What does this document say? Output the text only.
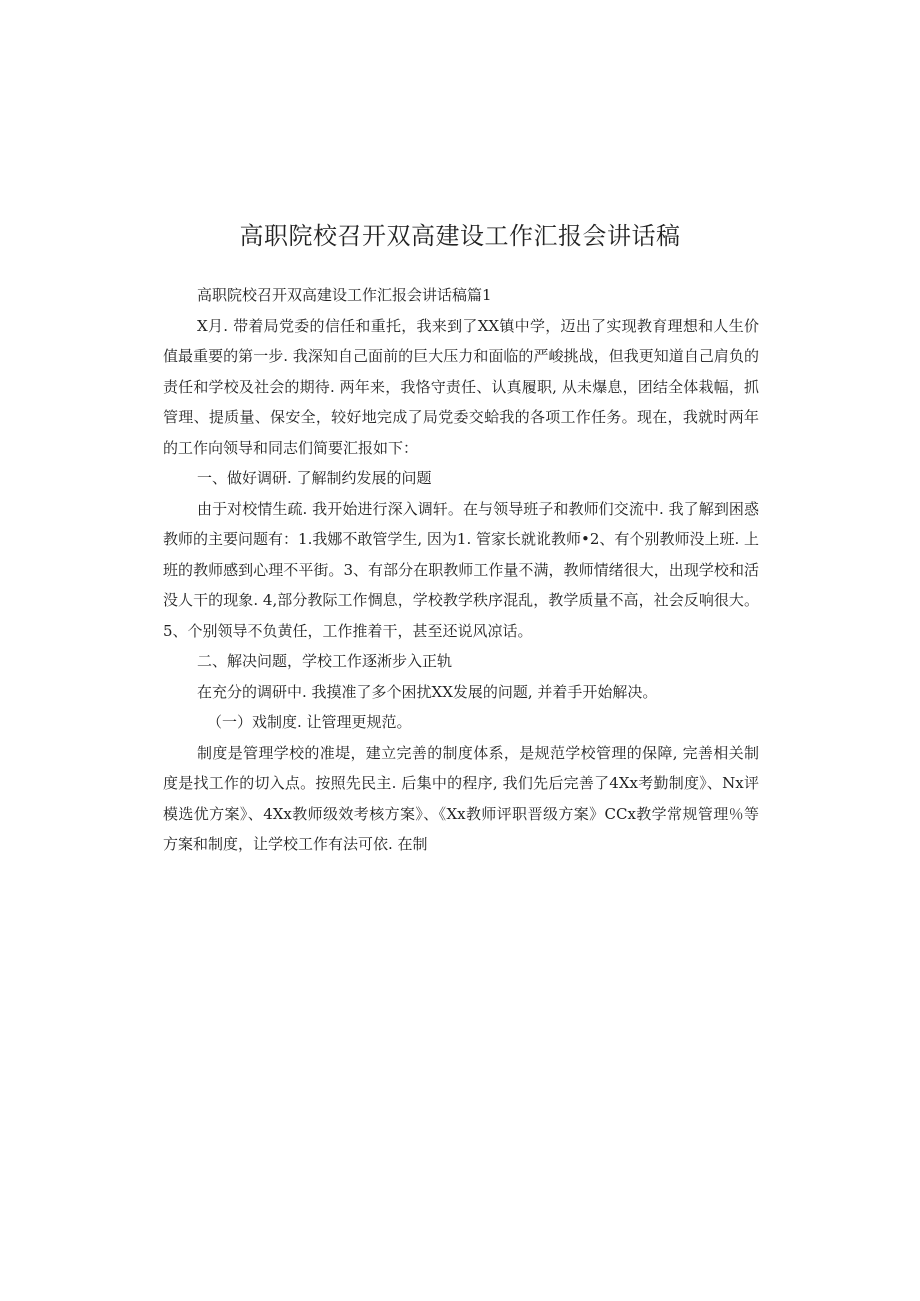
高职院校召开双高建设工作汇报会讲话稿

高职院校召开双高建设工作汇报会讲话稿篇1

X月. 带着局党委的信任和重托，我来到了XX镇中学，迈出了实现教育理想和人生价值最重要的第一步. 我深知自己面前的巨大压力和面临的严峻挑战，但我更知道自己肩负的责任和学校及社会的期待. 两年来，我恪守责任、认真履职, 从未爆息，团结全体栽幅，抓管理、提质量、保安全，较好地完成了局党委交蛤我的各项工作任务。现在，我就时两年的工作向领导和同志们简要汇报如下：

一、做好调研. 了解制约发展的问题

由于对校情生疏. 我开始进行深入调轩。在与领导班子和教师们交流中. 我了解到困惑教师的主要问题有：1.我娜不敢管学生, 因为1. 管家长就讹教师•2、有个别教师没上班. 上班的教师感到心理不平街。3、有部分在职教师工作量不满，教师情绪很大，出现学校和活没人干的现象. 4,部分教际工作惆息，学校教学秩序混乱，教学质量不高，社会反响很大。5、个别领导不负黄任，工作推着干，甚至还说风凉话。

二、解决问题，学校工作逐淅步入正轨

在充分的调研中. 我摸准了多个困扰XX发展的问题, 并着手开始解决。

（一）戏制度. 让管理更规范。

制度是管理学校的准堤，建立完善的制度体系，是规范学校管理的保障, 完善相关制度是找工作的切入点。按照先民主. 后集中的程序, 我们先后完善了4Xx考勤制度》、Nx评模选优方案》、4Xx教师级效考核方案》、《Xx教师评职晋级方案》CCx教学常规管理％等方案和制度，让学校工作有法可依. 在制
